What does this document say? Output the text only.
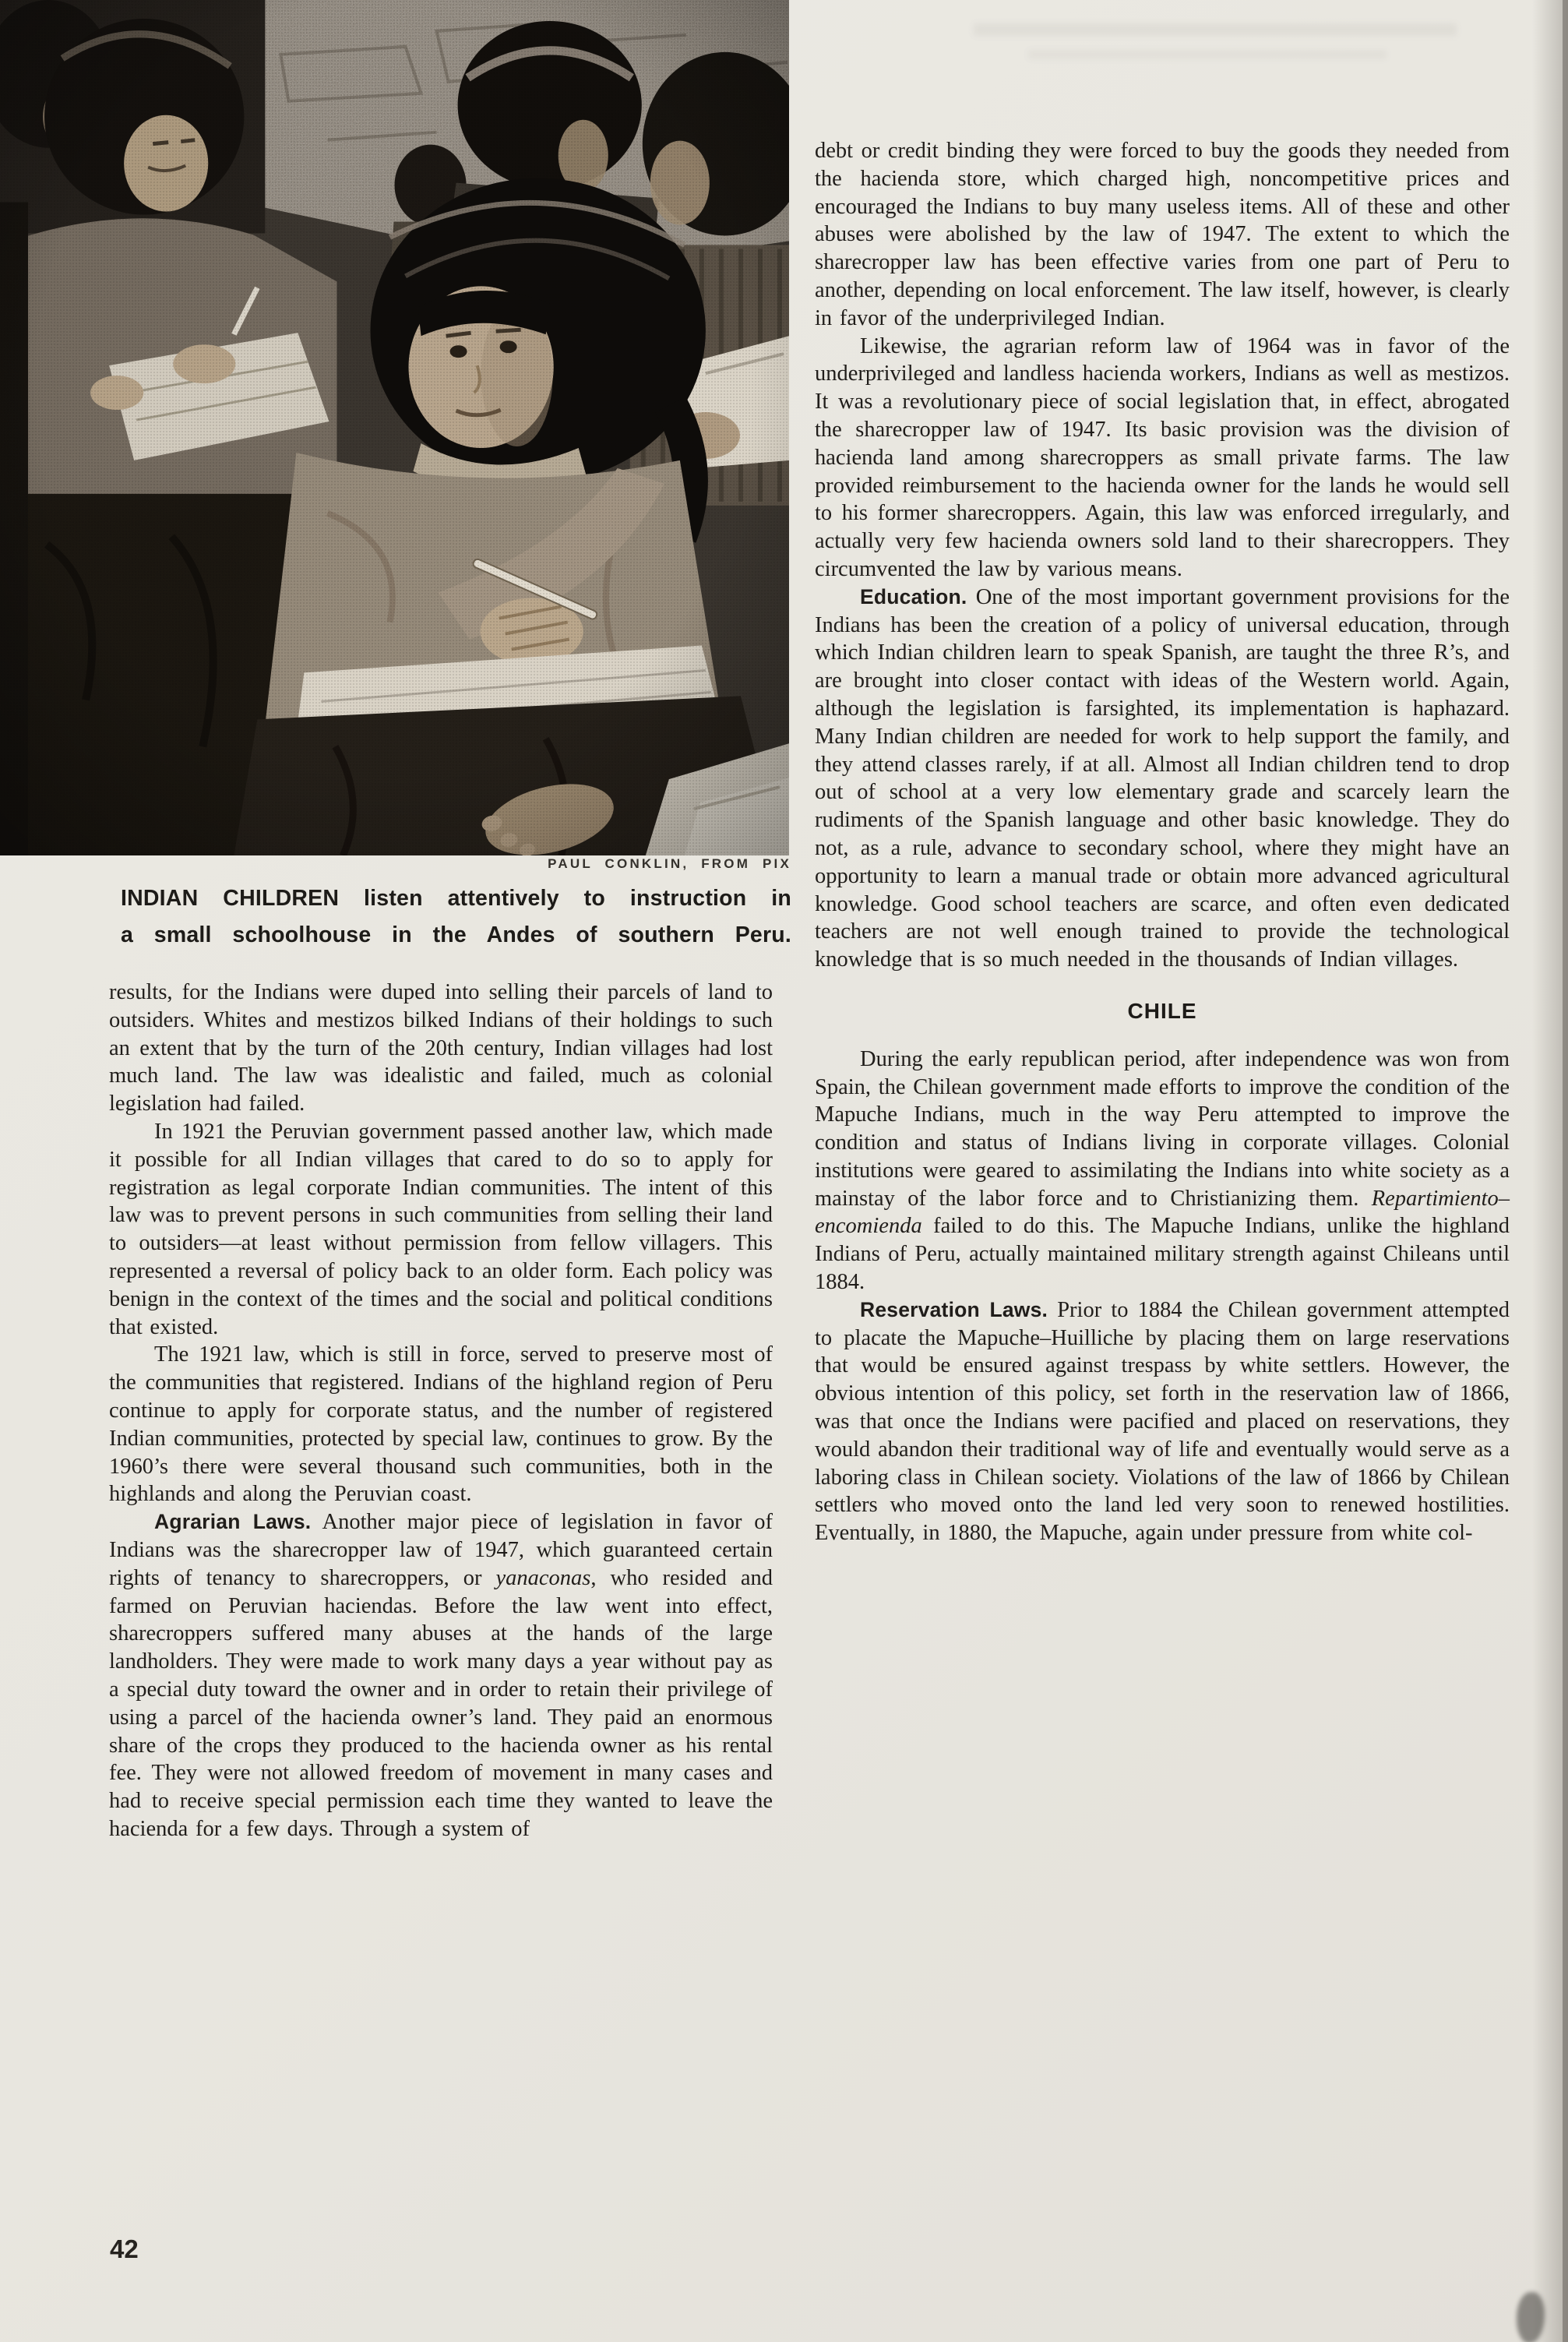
PAUL CONKLIN, FROM PIX
INDIAN CHILDREN listen attentively to instruction in
a small schoolhouse in the Andes of southern Peru.

results, for the Indians were duped into selling their parcels of land to outsiders. Whites and mestizos bilked Indians of their holdings to such an extent that by the turn of the 20th century, Indian villages had lost much land. The law was idealistic and failed, much as colonial legislation had failed.

In 1921 the Peruvian government passed another law, which made it possible for all Indian villages that cared to do so to apply for registration as legal corporate Indian communities. The intent of this law was to prevent persons in such communities from selling their land to outsiders—at least without permission from fellow villagers. This represented a reversal of policy back to an older form. Each policy was benign in the context of the times and the social and political conditions that existed.

The 1921 law, which is still in force, served to preserve most of the communities that registered. Indians of the highland region of Peru continue to apply for corporate status, and the number of registered Indian communities, protected by special law, continues to grow. By the 1960’s there were several thousand such communities, both in the highlands and along the Peruvian coast.

Agrarian Laws. Another major piece of legislation in favor of Indians was the sharecropper law of 1947, which guaranteed certain rights of tenancy to sharecroppers, or yanaconas, who resided and farmed on Peruvian haciendas. Before the law went into effect, sharecroppers suffered many abuses at the hands of the large landholders. They were made to work many days a year without pay as a special duty toward the owner and in order to retain their privilege of using a parcel of the hacienda owner’s land. They paid an enormous share of the crops they produced to the hacienda owner as his rental fee. They were not allowed freedom of movement in many cases and had to receive special permission each time they wanted to leave the hacienda for a few days. Through a system of

debt or credit binding they were forced to buy the goods they needed from the hacienda store, which charged high, noncompetitive prices and encouraged the Indians to buy many useless items. All of these and other abuses were abolished by the law of 1947. The extent to which the sharecropper law has been effective varies from one part of Peru to another, depending on local enforcement. The law itself, however, is clearly in favor of the underprivileged Indian.

Likewise, the agrarian reform law of 1964 was in favor of the underprivileged and landless hacienda workers, Indians as well as mestizos. It was a revolutionary piece of social legislation that, in effect, abrogated the sharecropper law of 1947. Its basic provision was the division of hacienda land among sharecroppers as small private farms. The law provided reimbursement to the hacienda owner for the lands he would sell to his former sharecroppers. Again, this law was enforced irregularly, and actually very few hacienda owners sold land to their sharecroppers. They circumvented the law by various means.

Education. One of the most important government provisions for the Indians has been the creation of a policy of universal education, through which Indian children learn to speak Spanish, are taught the three R’s, and are brought into closer contact with ideas of the Western world. Again, although the legislation is farsighted, its implementation is haphazard. Many Indian children are needed for work to help support the family, and they attend classes rarely, if at all. Almost all Indian children tend to drop out of school at a very low elementary grade and scarcely learn the rudiments of the Spanish language and other basic knowledge. They do not, as a rule, advance to secondary school, where they might have an opportunity to learn a manual trade or obtain more advanced agricultural knowledge. Good school teachers are scarce, and often even dedicated teachers are not well enough trained to provide the technological knowledge that is so much needed in the thousands of Indian villages.

CHILE

During the early republican period, after independence was won from Spain, the Chilean government made efforts to improve the condition of the Mapuche Indians, much in the way Peru attempted to improve the condition and status of Indians living in corporate villages. Colonial institutions were geared to assimilating the Indians into white society as a mainstay of the labor force and to Christianizing them. Repartimiento–encomienda failed to do this. The Mapuche Indians, unlike the highland Indians of Peru, actually maintained military strength against Chileans until 1884.

Reservation Laws. Prior to 1884 the Chilean government attempted to placate the Mapuche–Huilliche by placing them on large reservations that would be ensured against trespass by white settlers. However, the obvious intention of this policy, set forth in the reservation law of 1866, was that once the Indians were pacified and placed on reservations, they would abandon their traditional way of life and eventually would serve as a laboring class in Chilean society. Violations of the law of 1866 by Chilean settlers who moved onto the land led very soon to renewed hostilities. Eventually, in 1880, the Mapuche, again under pressure from white col-

42
